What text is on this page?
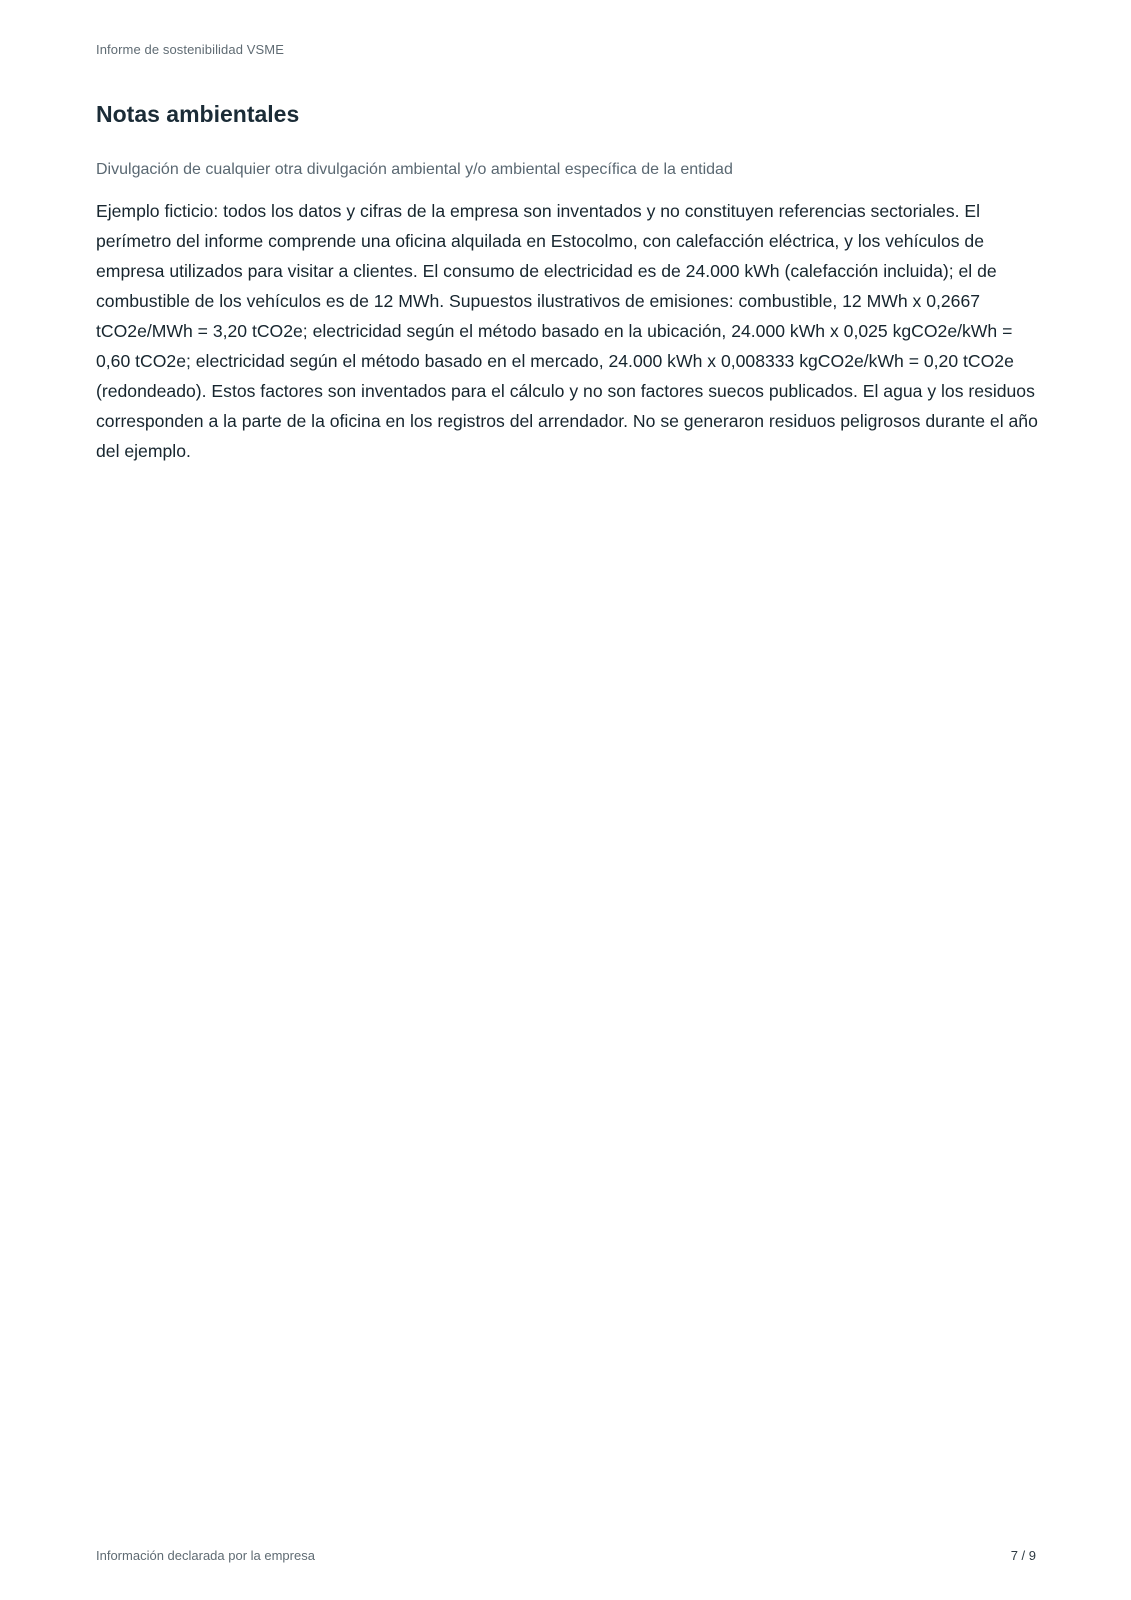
Informe de sostenibilidad VSME
Notas ambientales

Divulgación de cualquier otra divulgación ambiental y/o ambiental específica de la entidad

Ejemplo ficticio: todos los datos y cifras de la empresa son inventados y no constituyen referencias sectoriales. El perímetro del informe comprende una oficina alquilada en Estocolmo, con calefacción eléctrica, y los vehículos de empresa utilizados para visitar a clientes. El consumo de electricidad es de 24.000 kWh (calefacción incluida); el de combustible de los vehículos es de 12 MWh. Supuestos ilustrativos de emisiones: combustible, 12 MWh x 0,2667 tCO2e/MWh = 3,20 tCO2e; electricidad según el método basado en la ubicación, 24.000 kWh x 0,025 kgCO2e/kWh = 0,60 tCO2e; electricidad según el método basado en el mercado, 24.000 kWh x 0,008333 kgCO2e/kWh = 0,20 tCO2e (redondeado). Estos factores son inventados para el cálculo y no son factores suecos publicados. El agua y los residuos corresponden a la parte de la oficina en los registros del arrendador. No se generaron residuos peligrosos durante el año del ejemplo.

Información declarada por la empresa	7 / 9
